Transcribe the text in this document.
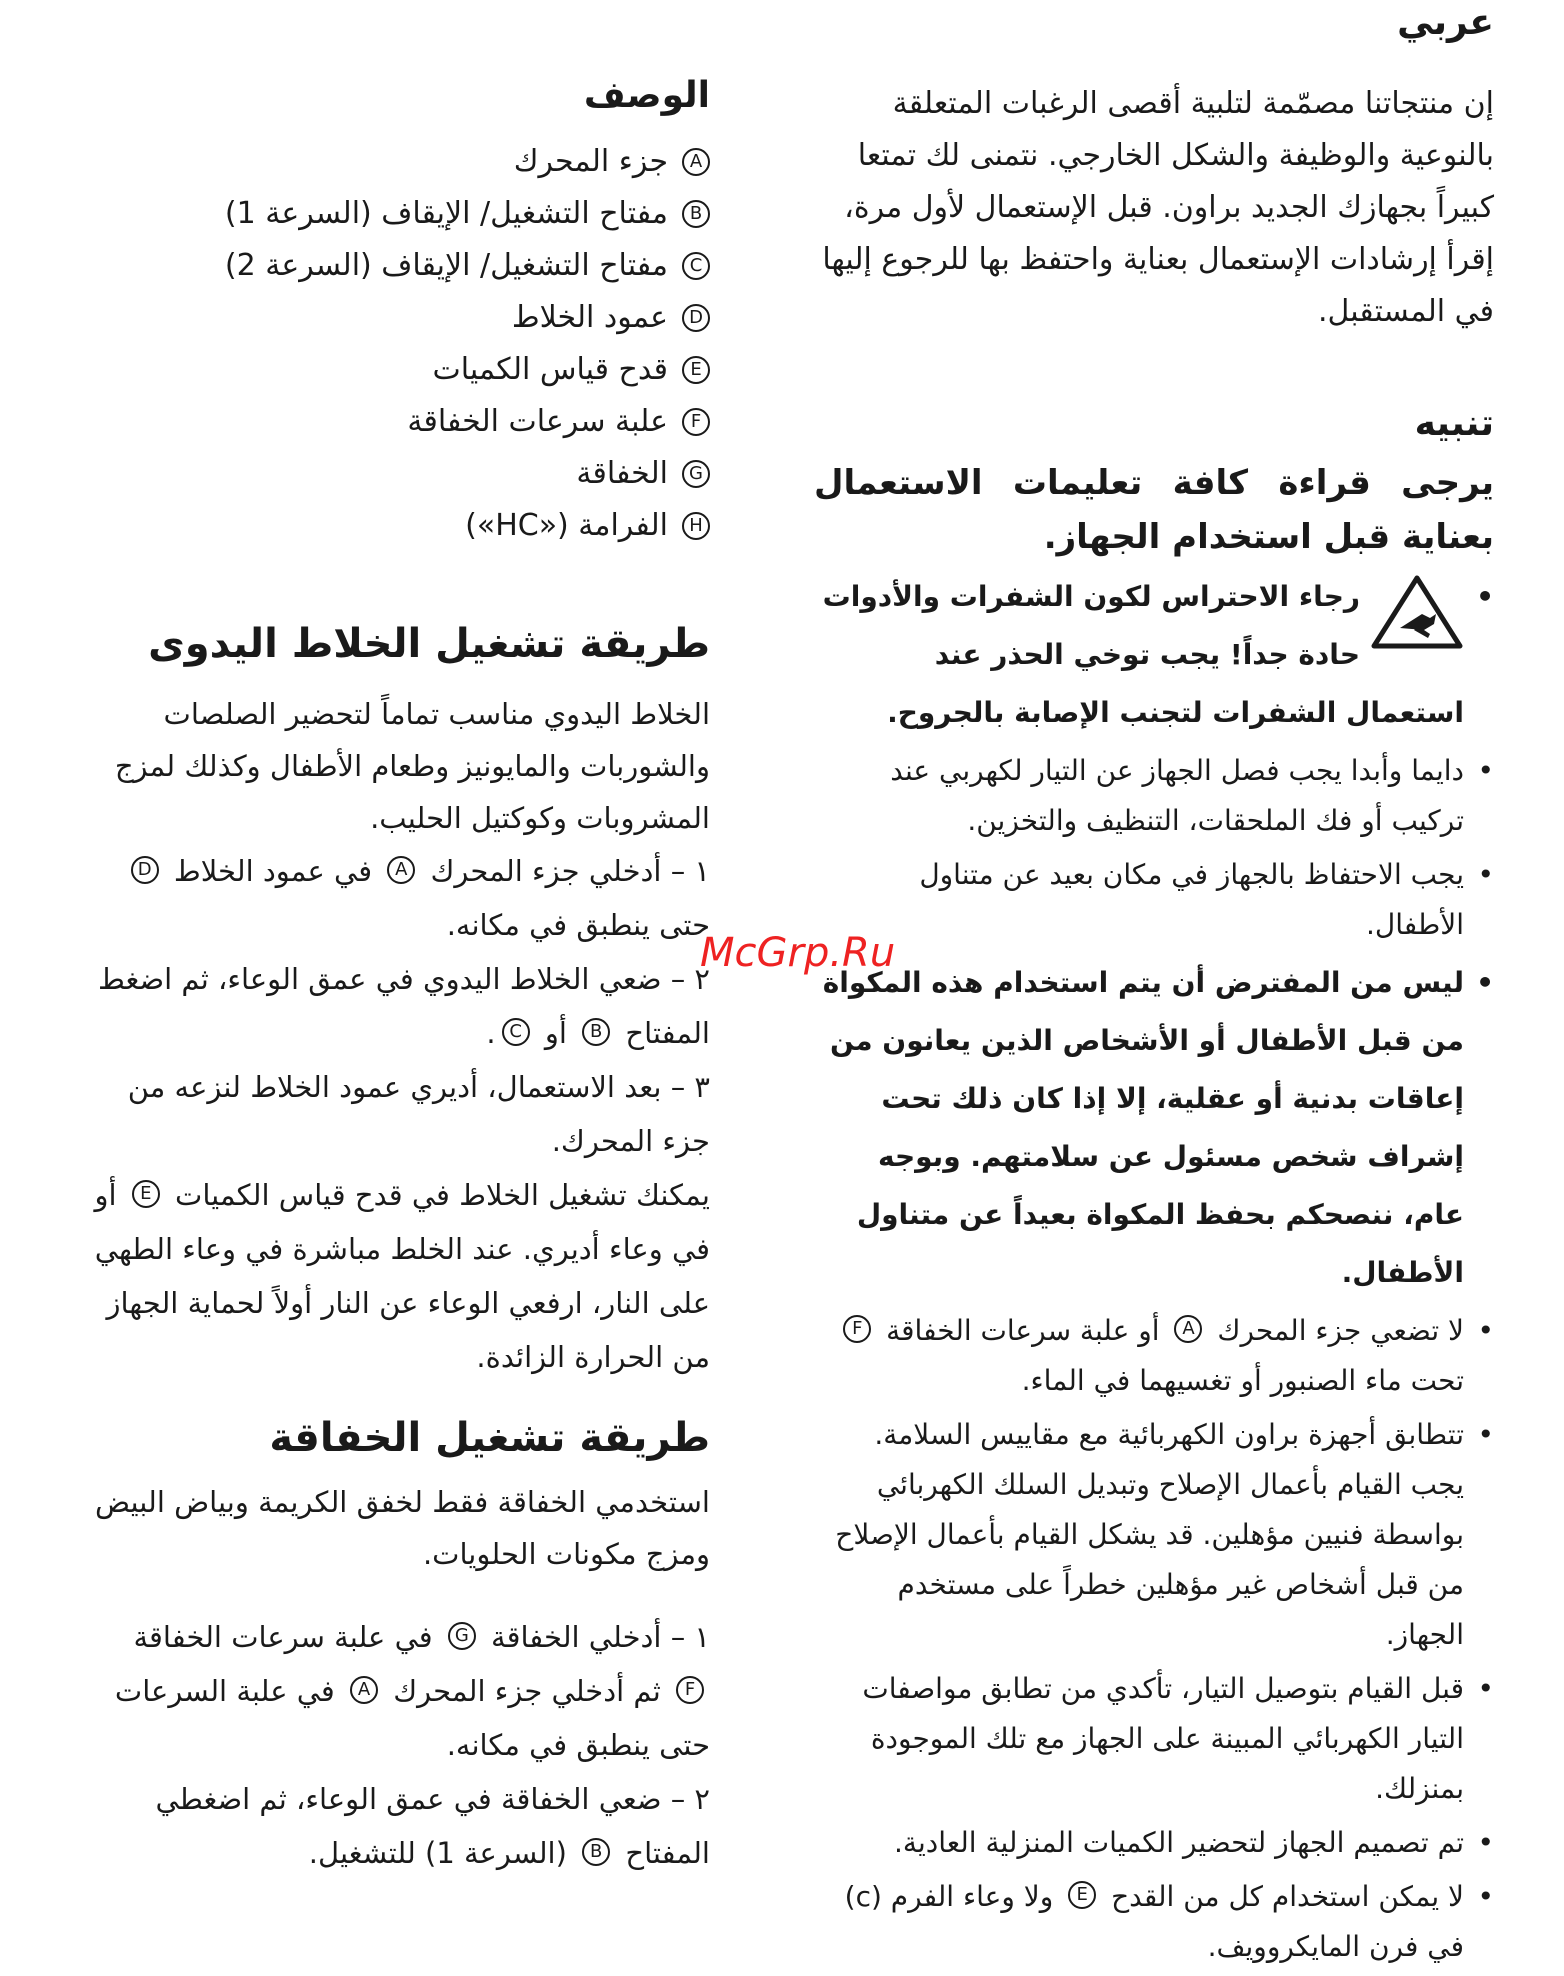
عربي

إن منتجاتنا مصمّمة لتلبية أقصى الرغبات المتعلقة بالنوعية والوظيفة والشكل الخارجي. نتمنى لك تمتعا كبيراً بجهازك الجديد براون. قبل الإستعمال لأول مرة، إقرأ إرشادات الإستعمال بعناية واحتفظ بها للرجوع إليها في المستقبل.

تنبيه

يرجى قراءة كافة تعليمات الاستعمال بعناية قبل استخدام الجهاز.

•
رجاء الاحتراس لكون الشفرات والأدوات حادة جداً! يجب توخي الحذر عند استعمال الشفرات لتجنب الإصابة بالجروح.
•
دايما وأبدا يجب فصل الجهاز عن التيار لكهربي عند تركيب أو فك الملحقات، التنظيف والتخزين.
•
يجب الاحتفاظ بالجهاز في مكان بعيد عن متناول الأطفال.
•
ليس من المفترض أن يتم استخدام هذه المكواة من قبل الأطفال أو الأشخاص الذين يعانون من إعاقات بدنية أو عقلية، إلا إذا كان ذلك تحت إشراف شخص مسئول عن سلامتهم. وبوجه عام، ننصحكم بحفظ المكواة بعيداً عن متناول الأطفال.
•
لا تضعي جزء المحرك A أو علبة سرعات الخفاقة F تحت ماء الصنبور أو تغسيهما في الماء.
•
تتطابق أجهزة براون الكهربائية مع مقاييس السلامة. يجب القيام بأعمال الإصلاح وتبديل السلك الكهربائي بواسطة فنيين مؤهلين. قد يشكل القيام بأعمال الإصلاح من قبل أشخاص غير مؤهلين خطراً على مستخدم الجهاز.
•
قبل القيام بتوصيل التيار، تأكدي من تطابق مواصفات التيار الكهربائي المبينة على الجهاز مع تلك الموجودة بمنزلك.
•
تم تصميم الجهاز لتحضير الكميات المنزلية العادية.
•
لا يمكن استخدام كل من القدح E ولا وعاء الفرم (c) في فرن المايكروويف.
الوصف
A
جزء المحرك
B
مفتاح التشغيل/ الإيقاف (السرعة 1)
C
مفتاح التشغيل/ الإيقاف (السرعة 2)
D
عمود الخلاط
E
قدح قياس الكميات
F
علبة سرعات الخفاقة
G
الخفاقة
H
الفرامة («HC»)
طريقة تشغيل الخلاط اليدوى

الخلاط اليدوي مناسب تماماً لتحضير الصلصات والشوربات والمايونيز وطعام الأطفال وكذلك لمزج المشروبات وكوكتيل الحليب.

١ – أدخلي جزء المحرك A في عمود الخلاط D حتى ينطبق في مكانه.
٢ – ضعي الخلاط اليدوي في عمق الوعاء، ثم اضغط المفتاح B أو C.
٣ – بعد الاستعمال، أديري عمود الخلاط لنزعه من جزء المحرك.

يمكنك تشغيل الخلاط في قدح قياس الكميات E أو في وعاء أديري. عند الخلط مباشرة في وعاء الطهي على النار، ارفعي الوعاء عن النار أولاً لحماية الجهاز من الحرارة الزائدة.

طريقة تشغيل الخفاقة

استخدمي الخفاقة فقط لخفق الكريمة وبياض البيض ومزج مكونات الحلويات.

١ – أدخلي الخفاقة G في علبة سرعات الخفاقة F ثم أدخلي جزء المحرك A في علبة السرعات حتى ينطبق في مكانه.
٢ – ضعي الخفاقة في عمق الوعاء، ثم اضغطي المفتاح B (السرعة 1) للتشغيل.
McGrp.Ru
